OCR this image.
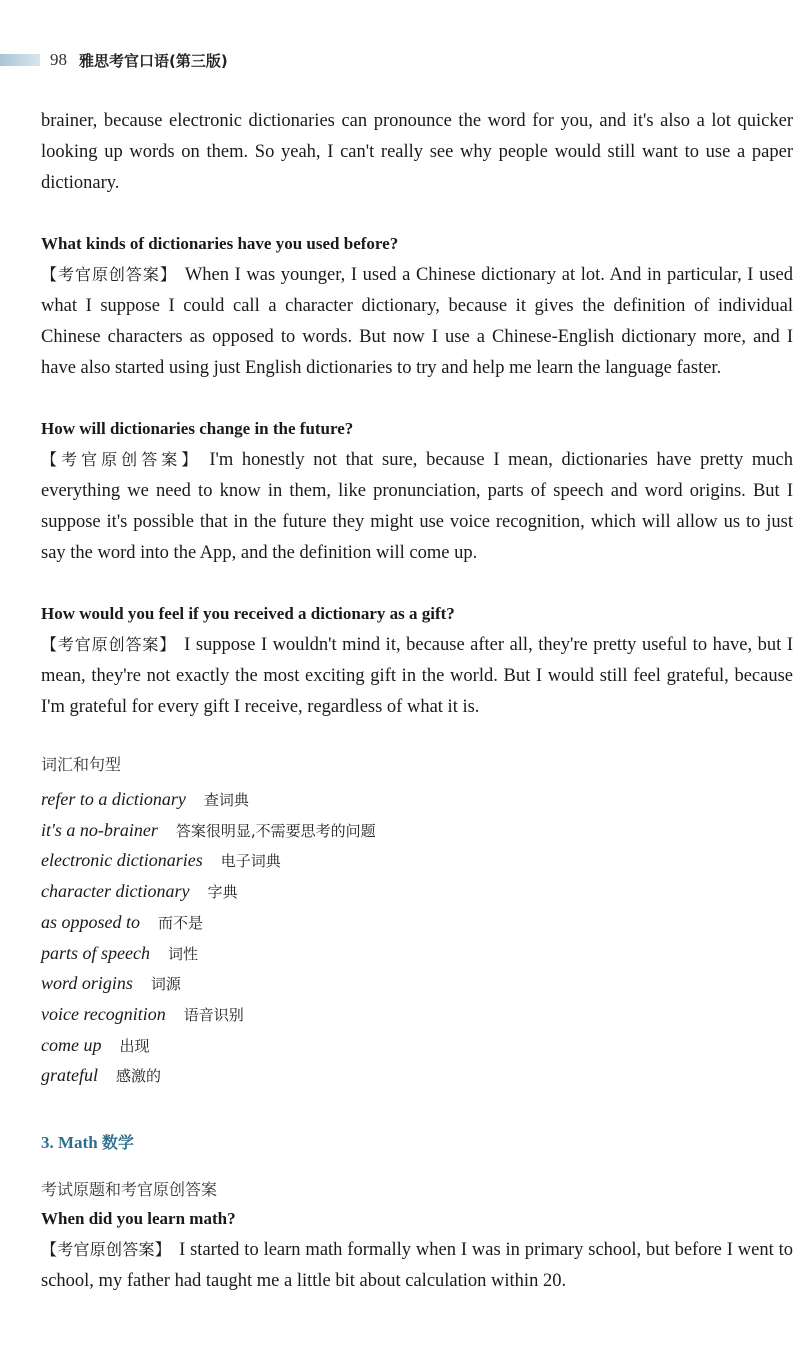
98 雅思考官口语(第三版)

brainer, because electronic dictionaries can pronounce the word for you, and it's also a lot quicker looking up words on them. So yeah, I can't really see why people would still want to use a paper dictionary.

What kinds of dictionaries have you used before?

【考官原创答案】 When I was younger, I used a Chinese dictionary at lot. And in particular, I used what I suppose I could call a character dictionary, because it gives the definition of individual Chinese characters as opposed to words. But now I use a Chinese-English dictionary more, and I have also started using just English dictionaries to try and help me learn the language faster.

How will dictionaries change in the future?

【考官原创答案】 I'm honestly not that sure, because I mean, dictionaries have pretty much everything we need to know in them, like pronunciation, parts of speech and word origins. But I suppose it's possible that in the future they might use voice recognition, which will allow us to just say the word into the App, and the definition will come up.

How would you feel if you received a dictionary as a gift?

【考官原创答案】 I suppose I wouldn't mind it, because after all, they're pretty useful to have, but I mean, they're not exactly the most exciting gift in the world. But I would still feel grateful, because I'm grateful for every gift I receive, regardless of what it is.

词汇和句型

refer to a dictionary 查词典

it's a no-brainer 答案很明显,不需要思考的问题

electronic dictionaries 电子词典

character dictionary 字典

as opposed to 而不是

parts of speech 词性

word origins 词源

voice recognition 语音识别

come up 出现

grateful 感激的

3. Math 数学

考试原题和考官原创答案

When did you learn math?

【考官原创答案】 I started to learn math formally when I was in primary school, but before I went to school, my father had taught me a little bit about calculation within 20.
